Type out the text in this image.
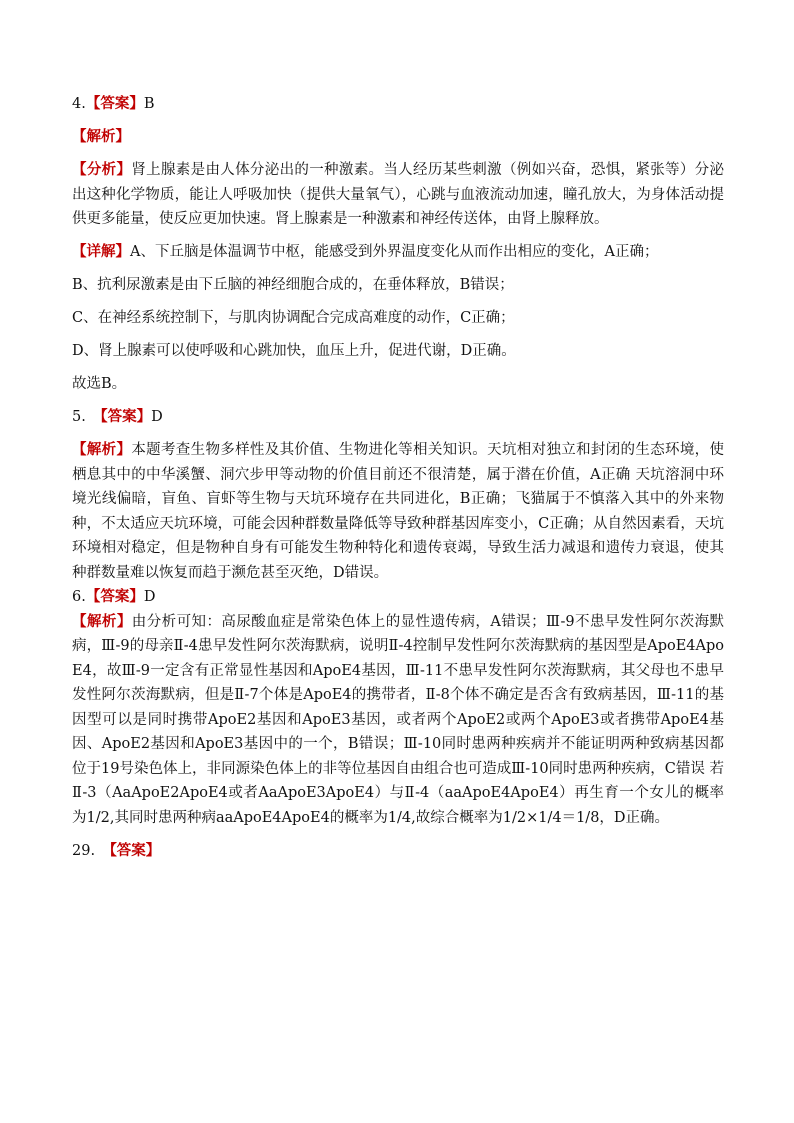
4.【答案】B

【解析】

【分析】肾上腺素是由人体分泌出的一种激素。当人经历某些刺激（例如兴奋，恐惧，紧张等）分泌出这种化学物质，能让人呼吸加快（提供大量氧气），心跳与血液流动加速，瞳孔放大，为身体活动提供更多能量，使反应更加快速。肾上腺素是一种激素和神经传送体，由肾上腺释放。

【详解】A、下丘脑是体温调节中枢，能感受到外界温度变化从而作出相应的变化，A正确；

B、抗利尿激素是由下丘脑的神经细胞合成的，在垂体释放，B错误；

C、在神经系统控制下，与肌肉协调配合完成高难度的动作，C正确；

D、肾上腺素可以使呼吸和心跳加快，血压上升，促进代谢，D正确。

故选B。

5.　【答案】D

【解析】本题考查生物多样性及其价值、生物进化等相关知识。天坑相对独立和封闭的生态环境，使栖息其中的中华溪蟹、洞穴步甲等动物的价值目前还不很清楚，属于潜在价值，A正确 天坑溶洞中环境光线偏暗，盲鱼、盲虾等生物与天坑环境存在共同进化，B正确；飞猫属于不慎落入其中的外来物种，不太适应天坑环境，可能会因种群数量降低等导致种群基因库变小，C正确；从自然因素看，天坑环境相对稳定，但是物种自身有可能发生物种特化和遗传衰竭，导致生活力减退和遗传力衰退，使其种群数量难以恢复而趋于濒危甚至灭绝，D错误。

6.【答案】D

【解析】由分析可知：高尿酸血症是常染色体上的显性遗传病，A错误；Ⅲ-9不患早发性阿尔茨海默病，Ⅲ-9的母亲Ⅱ-4患早发性阿尔茨海默病，说明Ⅱ-4控制早发性阿尔茨海默病的基因型是ApoE4ApoE4，故Ⅲ-9一定含有正常显性基因和ApoE4基因，Ⅲ-11不患早发性阿尔茨海默病，其父母也不患早发性阿尔茨海默病，但是Ⅱ-7个体是ApoE4的携带者，Ⅱ-8个体不确定是否含有致病基因，Ⅲ-11的基因型可以是同时携带ApoE2基因和ApoE3基因，或者两个ApoE2或两个ApoE3或者携带ApoE4基因、ApoE2基因和ApoE3基因中的一个，B错误；Ⅲ-10同时患两种疾病并不能证明两种致病基因都位于19号染色体上，非同源染色体上的非等位基因自由组合也可造成Ⅲ-10同时患两种疾病，C错误 若Ⅱ-3（AaApoE2ApoE4或者AaApoE3ApoE4）与Ⅱ-4（aaApoE4ApoE4）再生育一个女儿的概率为1/2,其同时患两种病aaApoE4ApoE4的概率为1/4,故综合概率为1/2×1/4＝1/8，D正确。

29.　【答案】
